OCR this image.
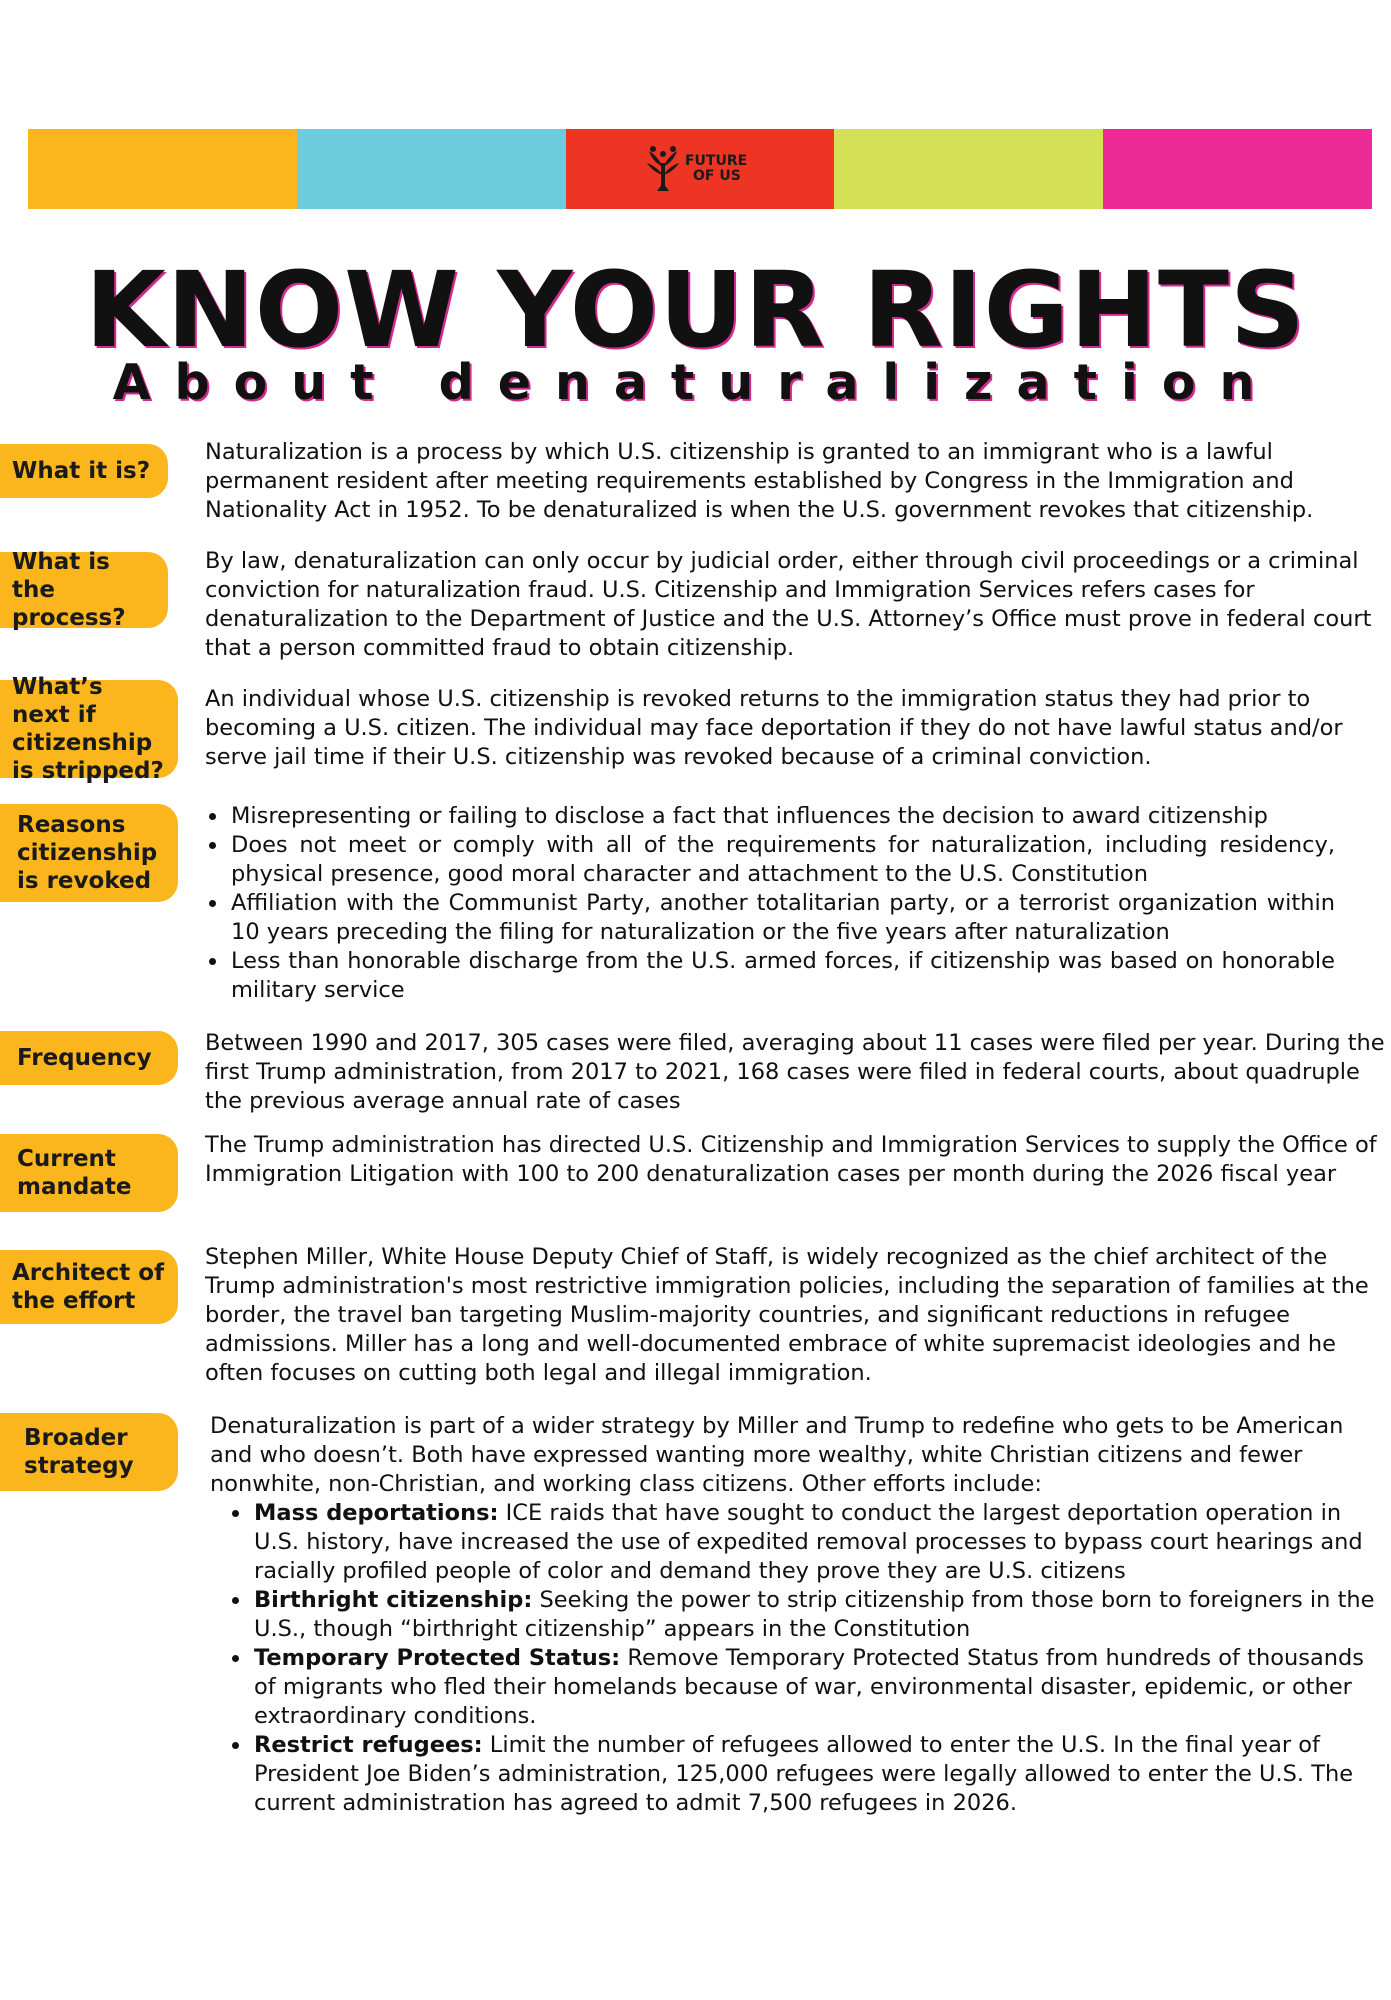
FUTURE
OF US
KNOW YOUR RIGHTS
About denaturalization
What it is?

Naturalization is a process by which U.S. citizenship is granted to an immigrant who is a lawful permanent resident after meeting requirements established by Congress in the Immigration and Nationality Act in 1952. To be denaturalized is when the U.S. government revokes that citizenship.

What is the process?

By law, denaturalization can only occur by judicial order, either through civil proceedings or a criminal conviction for naturalization fraud. U.S. Citizenship and Immigration Services refers cases for denaturalization to the Department of Justice and the U.S. Attorney’s Office must prove in federal court that a person committed fraud to obtain citizenship.

What’s next if citizenship is stripped?

An individual whose U.S. citizenship is revoked returns to the immigration status they had prior to becoming a U.S. citizen. The individual may face deportation if they do not have lawful status and/or serve jail time if their U.S. citizenship was revoked because of a criminal conviction.

Reasons citizenship is revoked
• Misrepresenting or failing to disclose a fact that influences the decision to award citizenship
• Does not meet or comply with all of the requirements for naturalization, including residency, physical presence, good moral character and attachment to the U.S. Constitution
• Affiliation with the Communist Party, another totalitarian party, or a terrorist organization within 10 years preceding the filing for naturalization or the five years after naturalization
• Less than honorable discharge from the U.S. armed forces, if citizenship was based on honorable military service
Frequency

Between 1990 and 2017, 305 cases were filed, averaging about 11 cases were filed per year. During the first Trump administration, from 2017 to 2021, 168 cases were filed in federal courts, about quadruple the previous average annual rate of cases

Current mandate

The Trump administration has directed U.S. Citizenship and Immigration Services to supply the Office of Immigration Litigation with 100 to 200 denaturalization cases per month during the 2026 fiscal year

Architect of the effort

Stephen Miller, White House Deputy Chief of Staff, is widely recognized as the chief architect of the Trump administration's most restrictive immigration policies, including the separation of families at the border, the travel ban targeting Muslim-majority countries, and significant reductions in refugee admissions. Miller has a long and well-documented embrace of white supremacist ideologies and he often focuses on cutting both legal and illegal immigration.

Broader strategy

Denaturalization is part of a wider strategy by Miller and Trump to redefine who gets to be American and who doesn’t. Both have expressed wanting more wealthy, white Christian citizens and fewer nonwhite, non-Christian, and working class citizens. Other efforts include:

• Mass deportations: ICE raids that have sought to conduct the largest deportation operation in U.S. history, have increased the use of expedited removal processes to bypass court hearings and racially profiled people of color and demand they prove they are U.S. citizens
• Birthright citizenship: Seeking the power to strip citizenship from those born to foreigners in the U.S., though “birthright citizenship” appears in the Constitution
• Temporary Protected Status: Remove Temporary Protected Status from hundreds of thousands of migrants who fled their homelands because of war, environmental disaster, epidemic, or other extraordinary conditions.
• Restrict refugees: Limit the number of refugees allowed to enter the U.S. In the final year of President Joe Biden’s administration, 125,000 refugees were legally allowed to enter the U.S. The current administration has agreed to admit 7,500 refugees in 2026.
